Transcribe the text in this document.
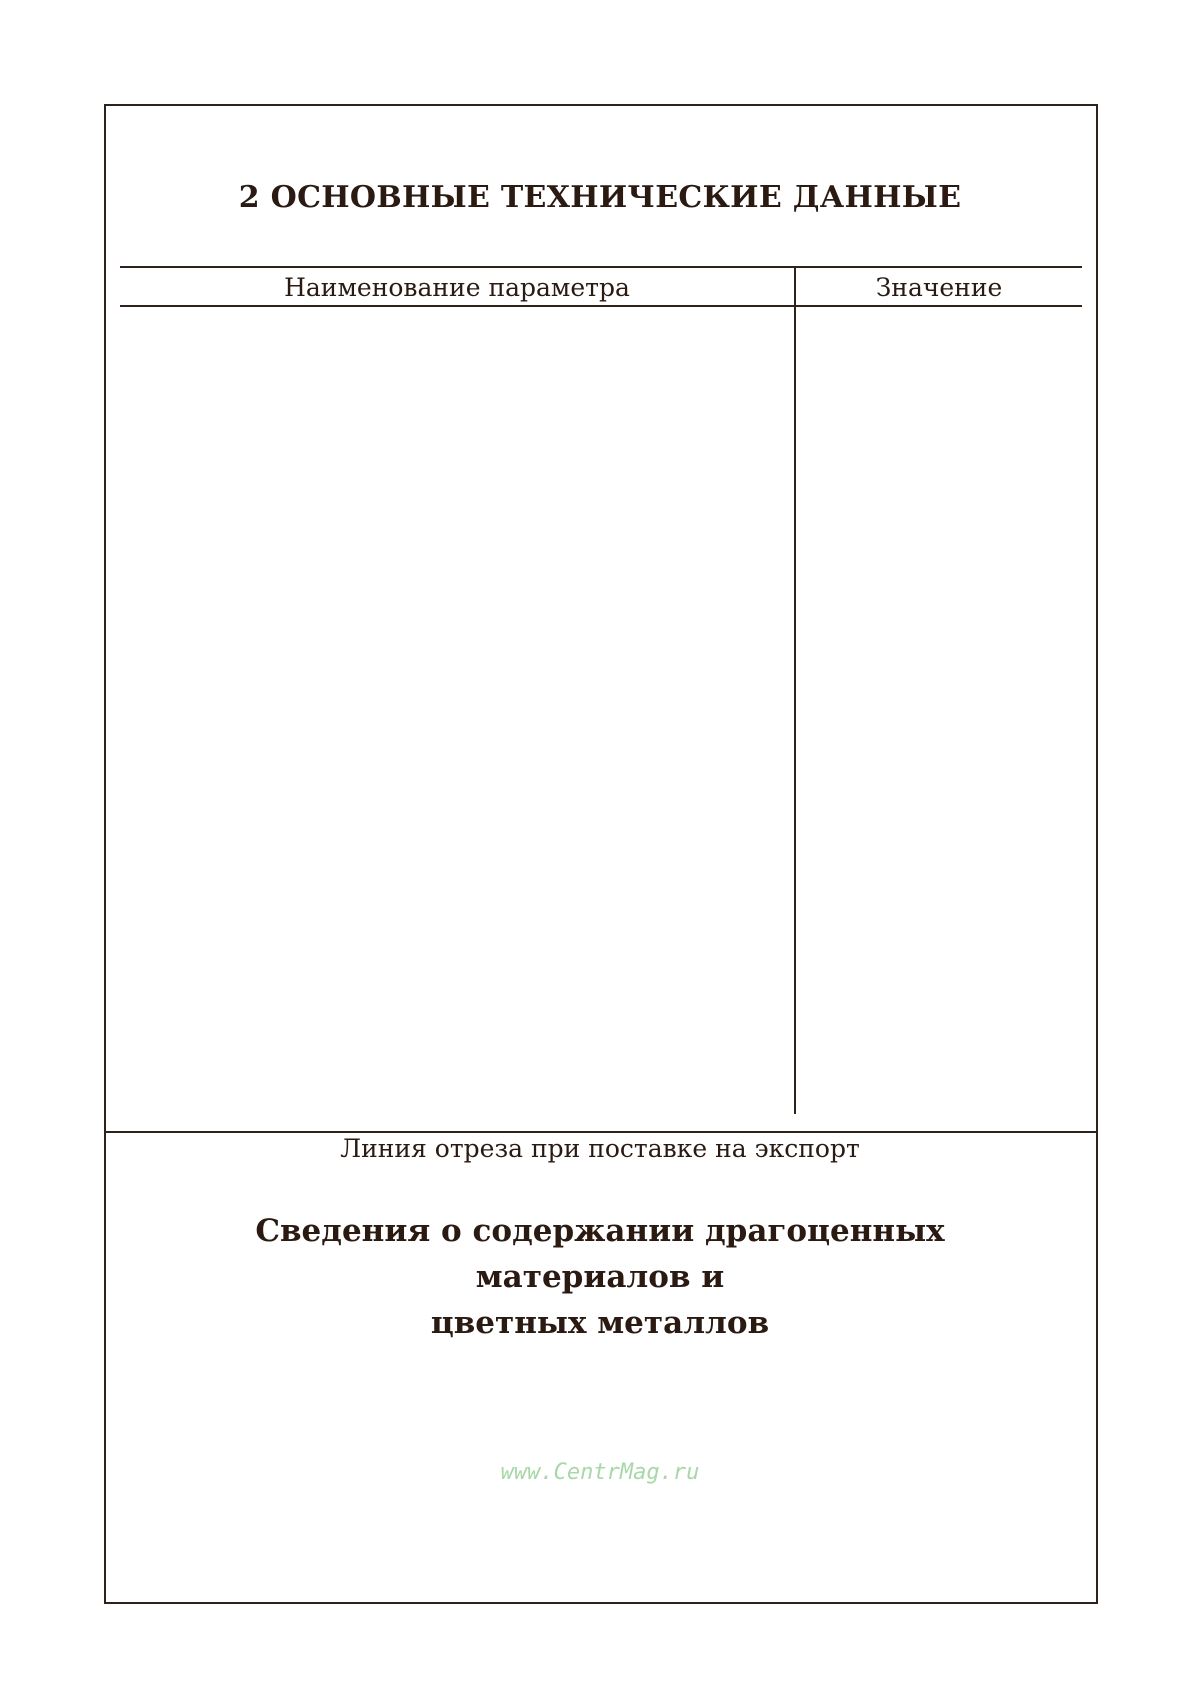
2 ОСНОВНЫЕ ТЕХНИЧЕСКИЕ ДАННЫЕ
Наименование параметра	Значение
Линия отреза при поставке на экспорт
Сведения о содержании драгоценных материалов и
цветных металлов
www.CentrMag.ru
